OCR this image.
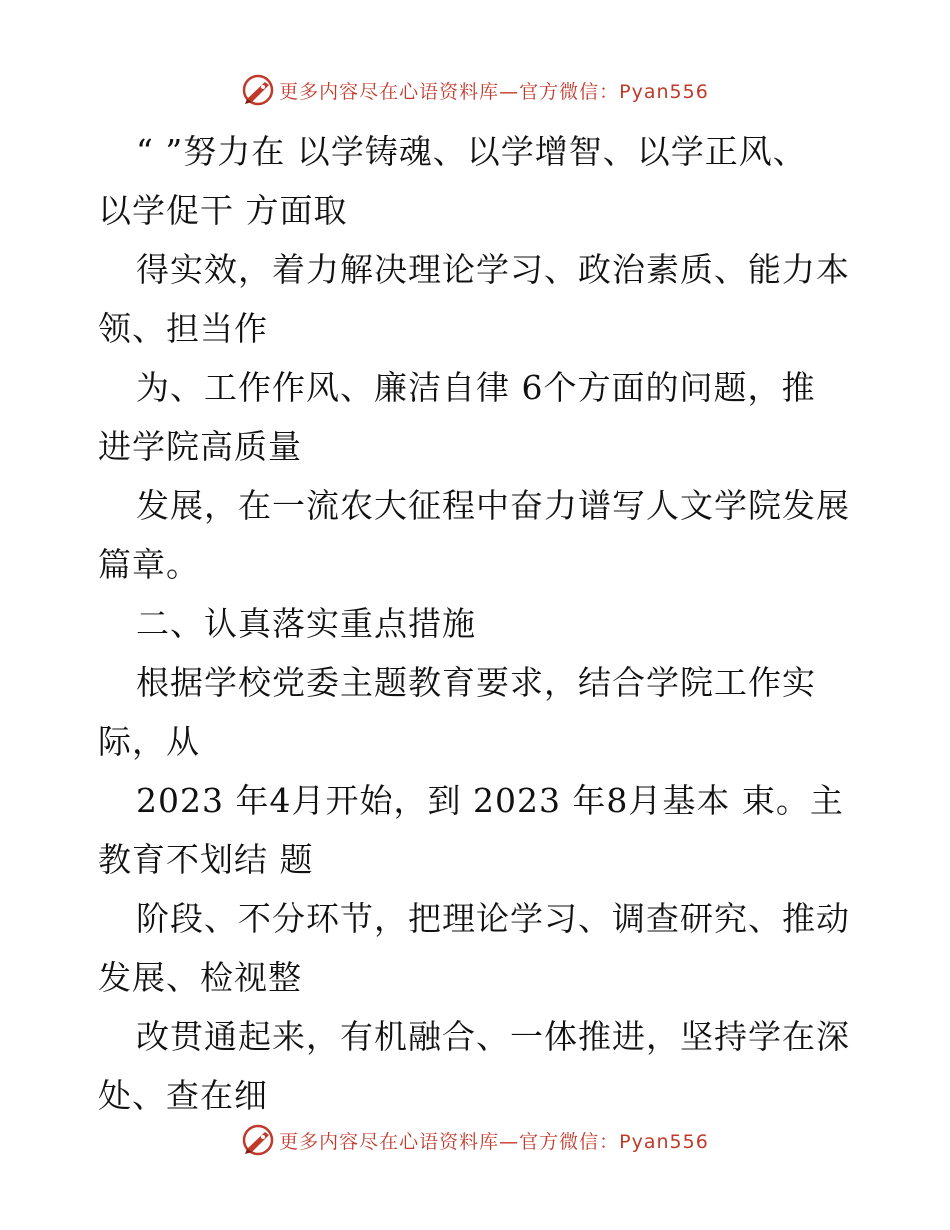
更多内容尽在心语资料库—官方微信：Pyan556
“ ”努力在 以学铸魂、以学增智、以学正风、
以学促干 方面取
得实效，着力解决理论学习、政治素质、能力本
领、担当作
为、工作作风、廉洁自律 6个方面的问题，推
进学院高质量
发展，在一流农大征程中奋力谱写人文学院发展
篇章。
二、认真落实重点措施
根据学校党委主题教育要求，结合学院工作实
际，从
2023 年4月开始，到 2023 年8月基本 束。主
教育不划结 题
阶段、不分环节，把理论学习、调查研究、推动
发展、检视整
改贯通起来，有机融合、一体推进，坚持学在深
处、查在细
更多内容尽在心语资料库—官方微信：Pyan556
